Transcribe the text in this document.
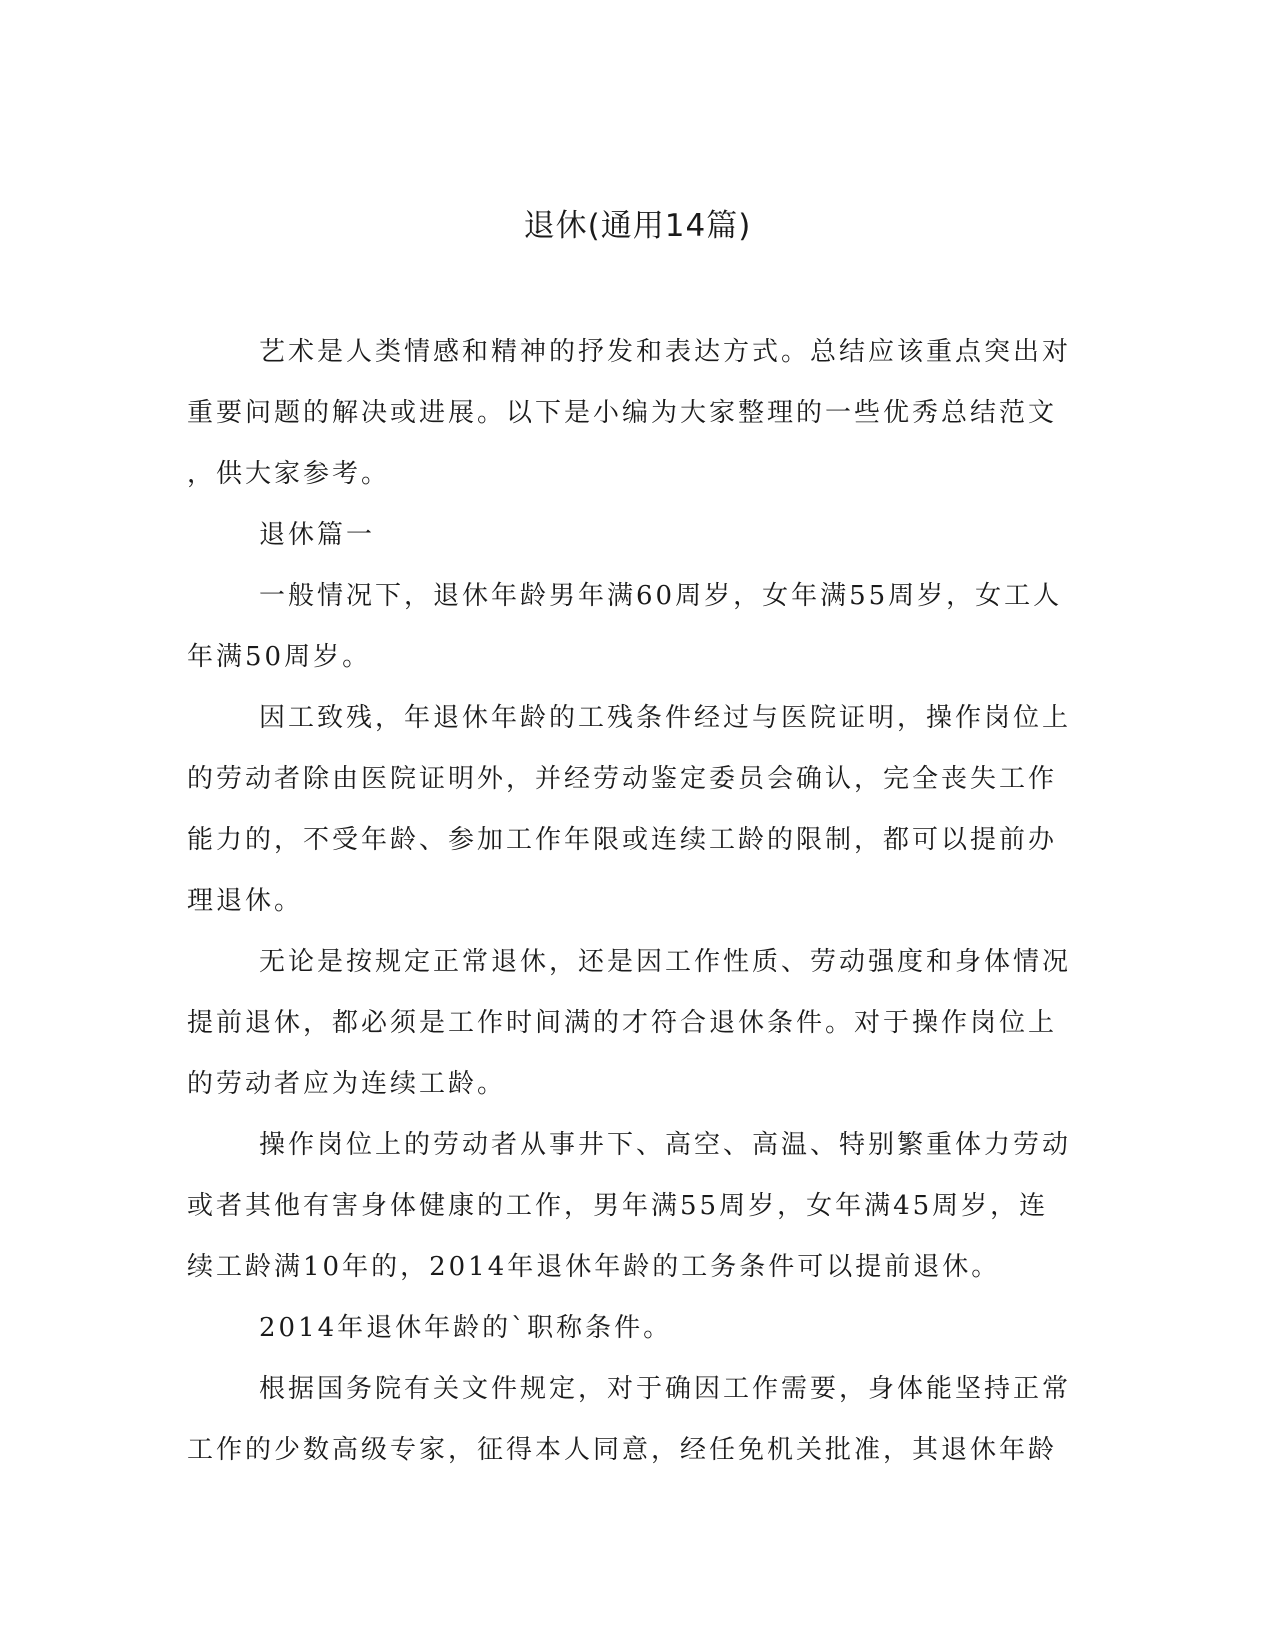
退休(通用14篇)

艺术是人类情感和精神的抒发和表达方式。总结应该重点突出对
重要问题的解决或进展。以下是小编为大家整理的一些优秀总结范文
，供大家参考。

退休篇一

一般情况下，退休年龄男年满60周岁，女年满55周岁，女工人
年满50周岁。

因工致残，年退休年龄的工残条件经过与医院证明，操作岗位上
的劳动者除由医院证明外，并经劳动鉴定委员会确认，完全丧失工作
能力的，不受年龄、参加工作年限或连续工龄的限制，都可以提前办
理退休。

无论是按规定正常退休，还是因工作性质、劳动强度和身体情况
提前退休，都必须是工作时间满的才符合退休条件。对于操作岗位上
的劳动者应为连续工龄。

操作岗位上的劳动者从事井下、高空、高温、特别繁重体力劳动
或者其他有害身体健康的工作，男年满55周岁，女年满45周岁，连
续工龄满10年的，2014年退休年龄的工务条件可以提前退休。

2014年退休年龄的`职称条件。

根据国务院有关文件规定，对于确因工作需要，身体能坚持正常
工作的少数高级专家，征得本人同意，经任免机关批准，其退休年龄
